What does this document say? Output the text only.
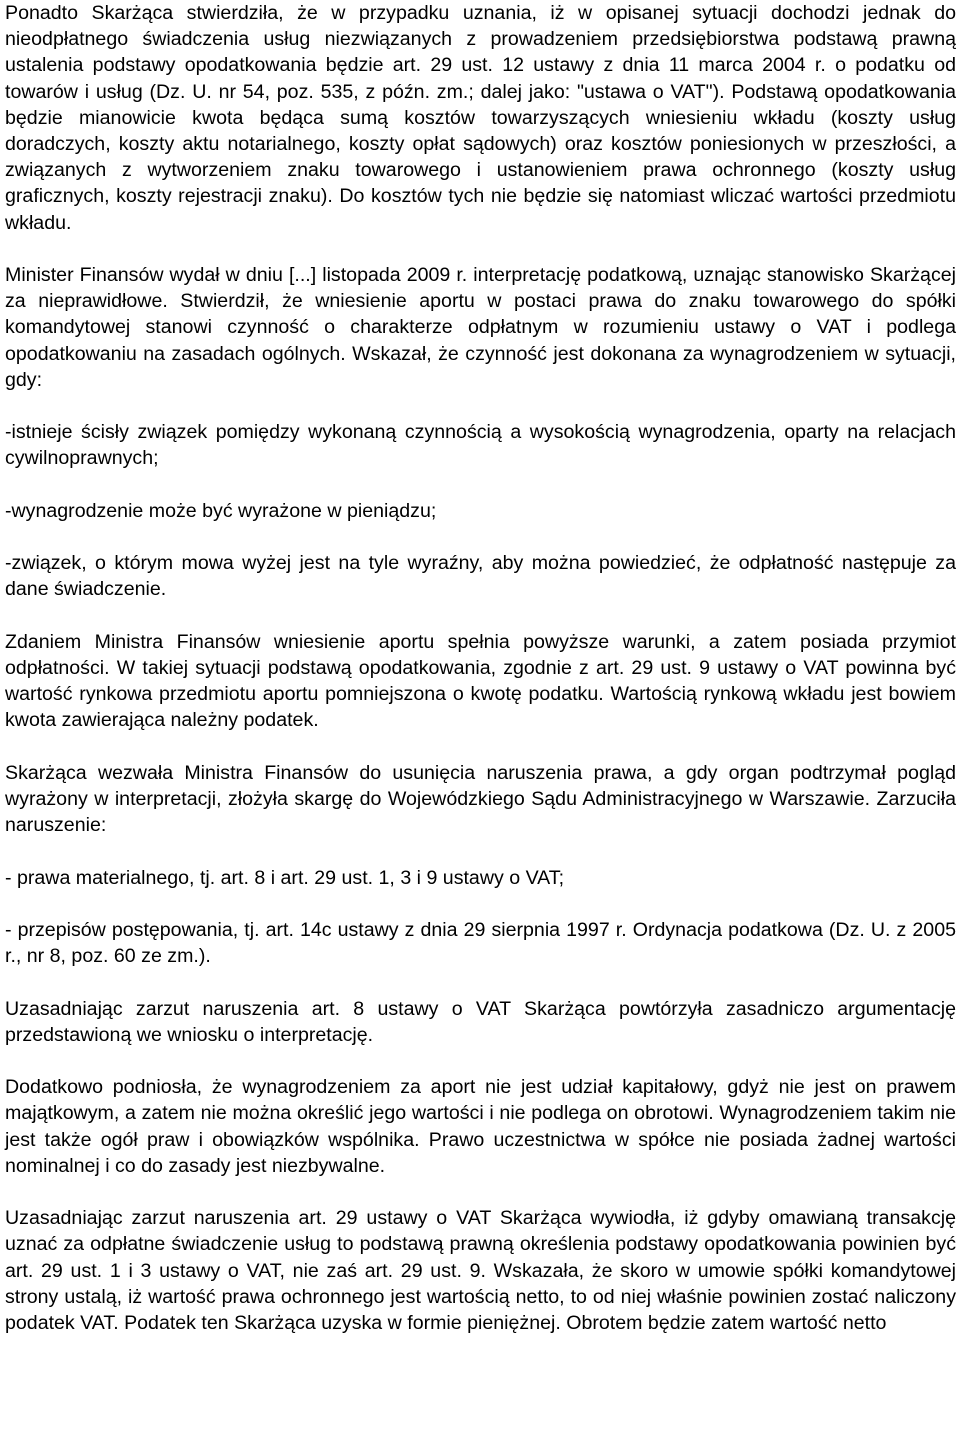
Ponadto Skarżąca stwierdziła, że w przypadku uznania, iż w opisanej sytuacji dochodzi jednak do nieodpłatnego świadczenia usług niezwiązanych z prowadzeniem przedsiębiorstwa podstawą prawną ustalenia podstawy opodatkowania będzie art. 29 ust. 12 ustawy z dnia 11 marca 2004 r. o podatku od towarów i usług (Dz. U. nr 54, poz. 535, z późn. zm.; dalej jako: "ustawa o VAT"). Podstawą opodatkowania będzie mianowicie kwota będąca sumą kosztów towarzyszących wniesieniu wkładu (koszty usług doradczych, koszty aktu notarialnego, koszty opłat sądowych) oraz kosztów poniesionych w przeszłości, a związanych z wytworzeniem znaku towarowego i ustanowieniem prawa ochronnego (koszty usług graficznych, koszty rejestracji znaku). Do kosztów tych nie będzie się natomiast wliczać wartości przedmiotu wkładu.

Minister Finansów wydał w dniu [...] listopada 2009 r. interpretację podatkową, uznając stanowisko Skarżącej za nieprawidłowe. Stwierdził, że wniesienie aportu w postaci prawa do znaku towarowego do spółki komandytowej stanowi czynność o charakterze odpłatnym w rozumieniu ustawy o VAT i podlega opodatkowaniu na zasadach ogólnych. Wskazał, że czynność jest dokonana za wynagrodzeniem w sytuacji, gdy:

-istnieje ścisły związek pomiędzy wykonaną czynnością a wysokością wynagrodzenia, oparty na relacjach cywilnoprawnych;

-wynagrodzenie może być wyrażone w pieniądzu;

-związek, o którym mowa wyżej jest na tyle wyraźny, aby można powiedzieć, że odpłatność następuje za dane świadczenie.

Zdaniem Ministra Finansów wniesienie aportu spełnia powyższe warunki, a zatem posiada przymiot odpłatności. W takiej sytuacji podstawą opodatkowania, zgodnie z art. 29 ust. 9 ustawy o VAT powinna być wartość rynkowa przedmiotu aportu pomniejszona o kwotę podatku. Wartością rynkową wkładu jest bowiem kwota zawierająca należny podatek.

Skarżąca wezwała Ministra Finansów do usunięcia naruszenia prawa, a gdy organ podtrzymał pogląd wyrażony w interpretacji, złożyła skargę do Wojewódzkiego Sądu Administracyjnego w Warszawie. Zarzuciła naruszenie:

- prawa materialnego, tj. art. 8 i art. 29 ust. 1, 3 i 9 ustawy o VAT;

- przepisów postępowania, tj. art. 14c ustawy z dnia 29 sierpnia 1997 r. Ordynacja podatkowa (Dz. U. z 2005 r., nr 8, poz. 60 ze zm.).

Uzasadniając zarzut naruszenia art. 8 ustawy o VAT Skarżąca powtórzyła zasadniczo argumentację przedstawioną we wniosku o interpretację.

Dodatkowo podniosła, że wynagrodzeniem za aport nie jest udział kapitałowy, gdyż nie jest on prawem majątkowym, a zatem nie można określić jego wartości i nie podlega on obrotowi. Wynagrodzeniem takim nie jest także ogół praw i obowiązków wspólnika. Prawo uczestnictwa w spółce nie posiada żadnej wartości nominalnej i co do zasady jest niezbywalne.

Uzasadniając zarzut naruszenia art. 29 ustawy o VAT Skarżąca wywiodła, iż gdyby omawianą transakcję uznać za odpłatne świadczenie usług to podstawą prawną określenia podstawy opodatkowania powinien być art. 29 ust. 1 i 3 ustawy o VAT, nie zaś art. 29 ust. 9. Wskazała, że skoro w umowie spółki komandytowej strony ustalą, iż wartość prawa ochronnego jest wartością netto, to od niej właśnie powinien zostać naliczony podatek VAT. Podatek ten Skarżąca uzyska w formie pieniężnej. Obrotem będzie zatem wartość netto
